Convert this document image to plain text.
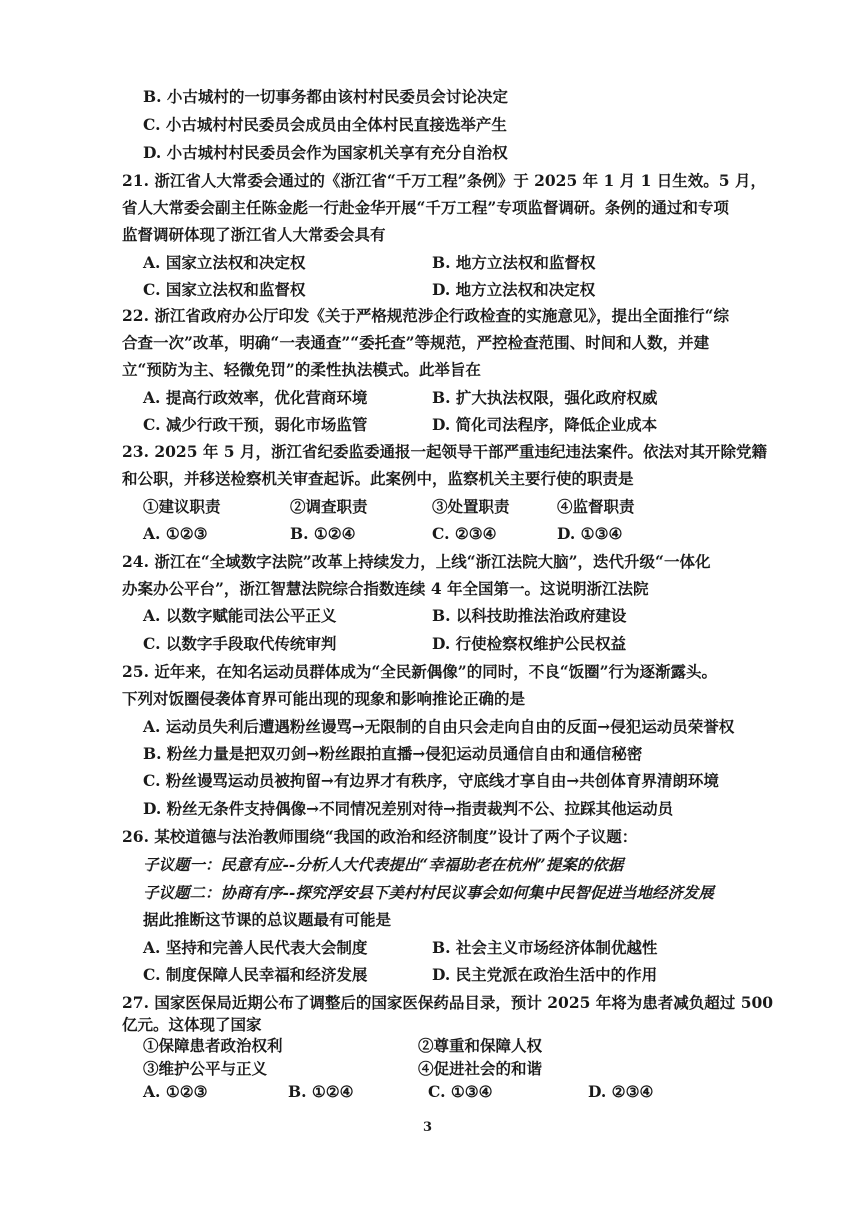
B. 小古城村的一切事务都由该村村民委员会讨论决定
C. 小古城村村民委员会成员由全体村民直接选举产生
D. 小古城村村民委员会作为国家机关享有充分自治权
21. 浙江省人大常委会通过的《浙江省“千万工程”条例》于 2025 年 1 月 1 日生效。5 月，
省人大常委会副主任陈金彪一行赴金华开展“千万工程”专项监督调研。条例的通过和专项
监督调研体现了浙江省人大常委会具有
A. 国家立法权和决定权	B. 地方立法权和监督权
C. 国家立法权和监督权	D. 地方立法权和决定权
22. 浙江省政府办公厅印发《关于严格规范涉企行政检查的实施意见》，提出全面推行“综
合查一次”改革，明确“一表通查”“委托查”等规范，严控检查范围、时间和人数，并建
立“预防为主、轻微免罚”的柔性执法模式。此举旨在
A. 提高行政效率，优化营商环境	B. 扩大执法权限，强化政府权威
C. 减少行政干预，弱化市场监管	D. 简化司法程序，降低企业成本
23. 2025 年 5 月，浙江省纪委监委通报一起领导干部严重违纪违法案件。依法对其开除党籍
和公职，并移送检察机关审查起诉。此案例中，监察机关主要行使的职责是
①建议职责	②调查职责	③处置职责	④监督职责
A. ①②③	B. ①②④	C. ②③④	D. ①③④
24. 浙江在“全域数字法院”改革上持续发力，上线“浙江法院大脑”，迭代升级“一体化
办案办公平台”，浙江智慧法院综合指数连续 4 年全国第一。这说明浙江法院
A. 以数字赋能司法公平正义	B. 以科技助推法治政府建设
C. 以数字手段取代传统审判	D. 行使检察权维护公民权益
25. 近年来，在知名运动员群体成为“全民新偶像”的同时，不良“饭圈”行为逐渐露头。
下列对饭圈侵袭体育界可能出现的现象和影响推论正确的是
A. 运动员失利后遭遇粉丝谩骂→无限制的自由只会走向自由的反面→侵犯运动员荣誉权
B. 粉丝力量是把双刃剑→粉丝跟拍直播→侵犯运动员通信自由和通信秘密
C. 粉丝谩骂运动员被拘留→有边界才有秩序，守底线才享自由→共创体育界清朗环境
D. 粉丝无条件支持偶像→不同情况差别对待→指责裁判不公、拉踩其他运动员
26. 某校道德与法治教师围绕“我国的政治和经济制度”设计了两个子议题：
子议题一：民意有应--分析人大代表提出“幸福助老在杭州”提案的依据
子议题二：协商有序--探究浮安县下美村村民议事会如何集中民智促进当地经济发展
据此推断这节课的总议题最有可能是
A. 坚持和完善人民代表大会制度	B. 社会主义市场经济体制优越性
C. 制度保障人民幸福和经济发展	D. 民主党派在政治生活中的作用
27. 国家医保局近期公布了调整后的国家医保药品目录，预计 2025 年将为患者减负超过 500
亿元。这体现了国家
①保障患者政治权利	②尊重和保障人权
③维护公平与正义	④促进社会的和谐
A. ①②③	B. ①②④	C. ①③④	D. ②③④
3
